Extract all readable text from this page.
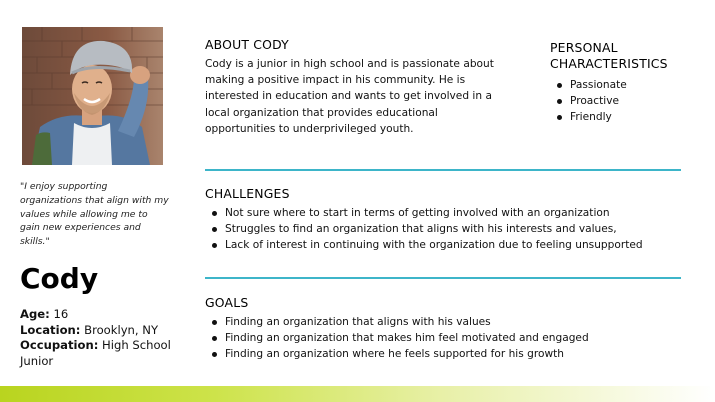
"I enjoy supporting organizations that align with my values while allowing me to gain new experiences and skills."
Cody
Age: 16
Location: Brooklyn, NY
Occupation: High School Junior
ABOUT CODY
Cody is a junior in high school and is passionate about making a positive impact in his community. He is interested in education and wants to get involved in a local organization that provides educational opportunities to underprivileged youth.
PERSONAL
CHARACTERISTICS
Passionate
Proactive
Friendly
CHALLENGES
Not sure where to start in terms of getting involved with an organization
Struggles to find an organization that aligns with his interests and values,
Lack of interest in continuing with the organization due to feeling unsupported
GOALS
Finding an organization that aligns with his values
Finding an organization that makes him feel motivated and engaged
Finding an organization where he feels supported for his growth
